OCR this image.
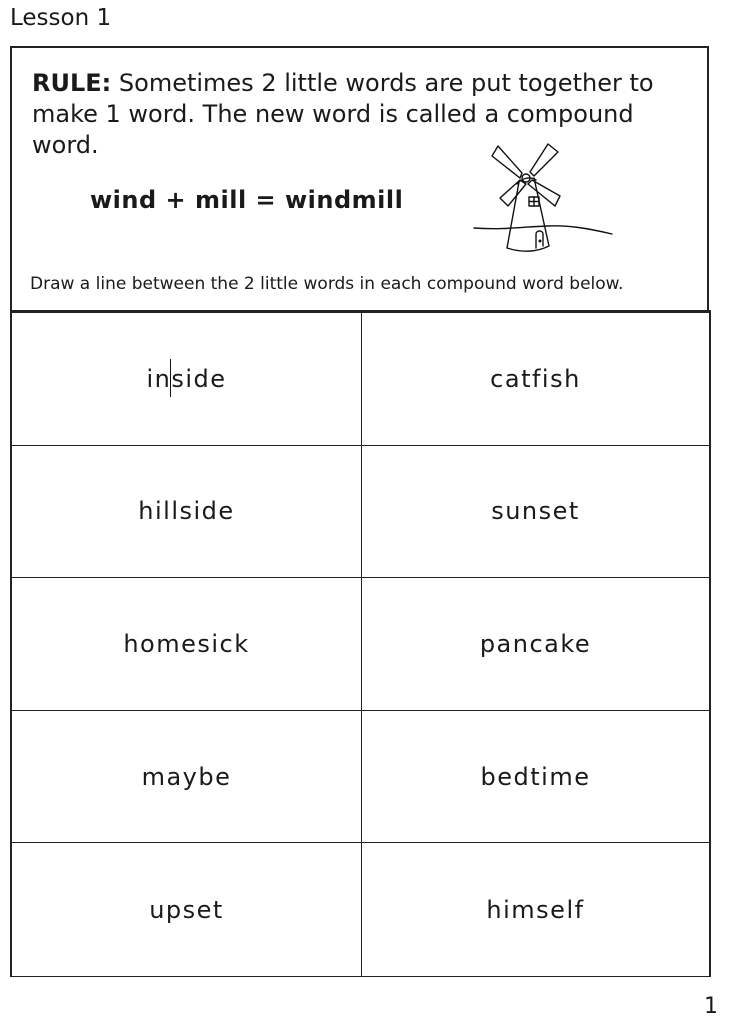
Lesson 1
RULE: Sometimes 2 little words are put together to make 1 word. The new word is called a compound word.
wind + mill = windmill
Draw a line between the 2 little words in each compound word below.
inside	catfish
hillside	sunset
homesick	pancake
maybe	bedtime
upset	himself
1
